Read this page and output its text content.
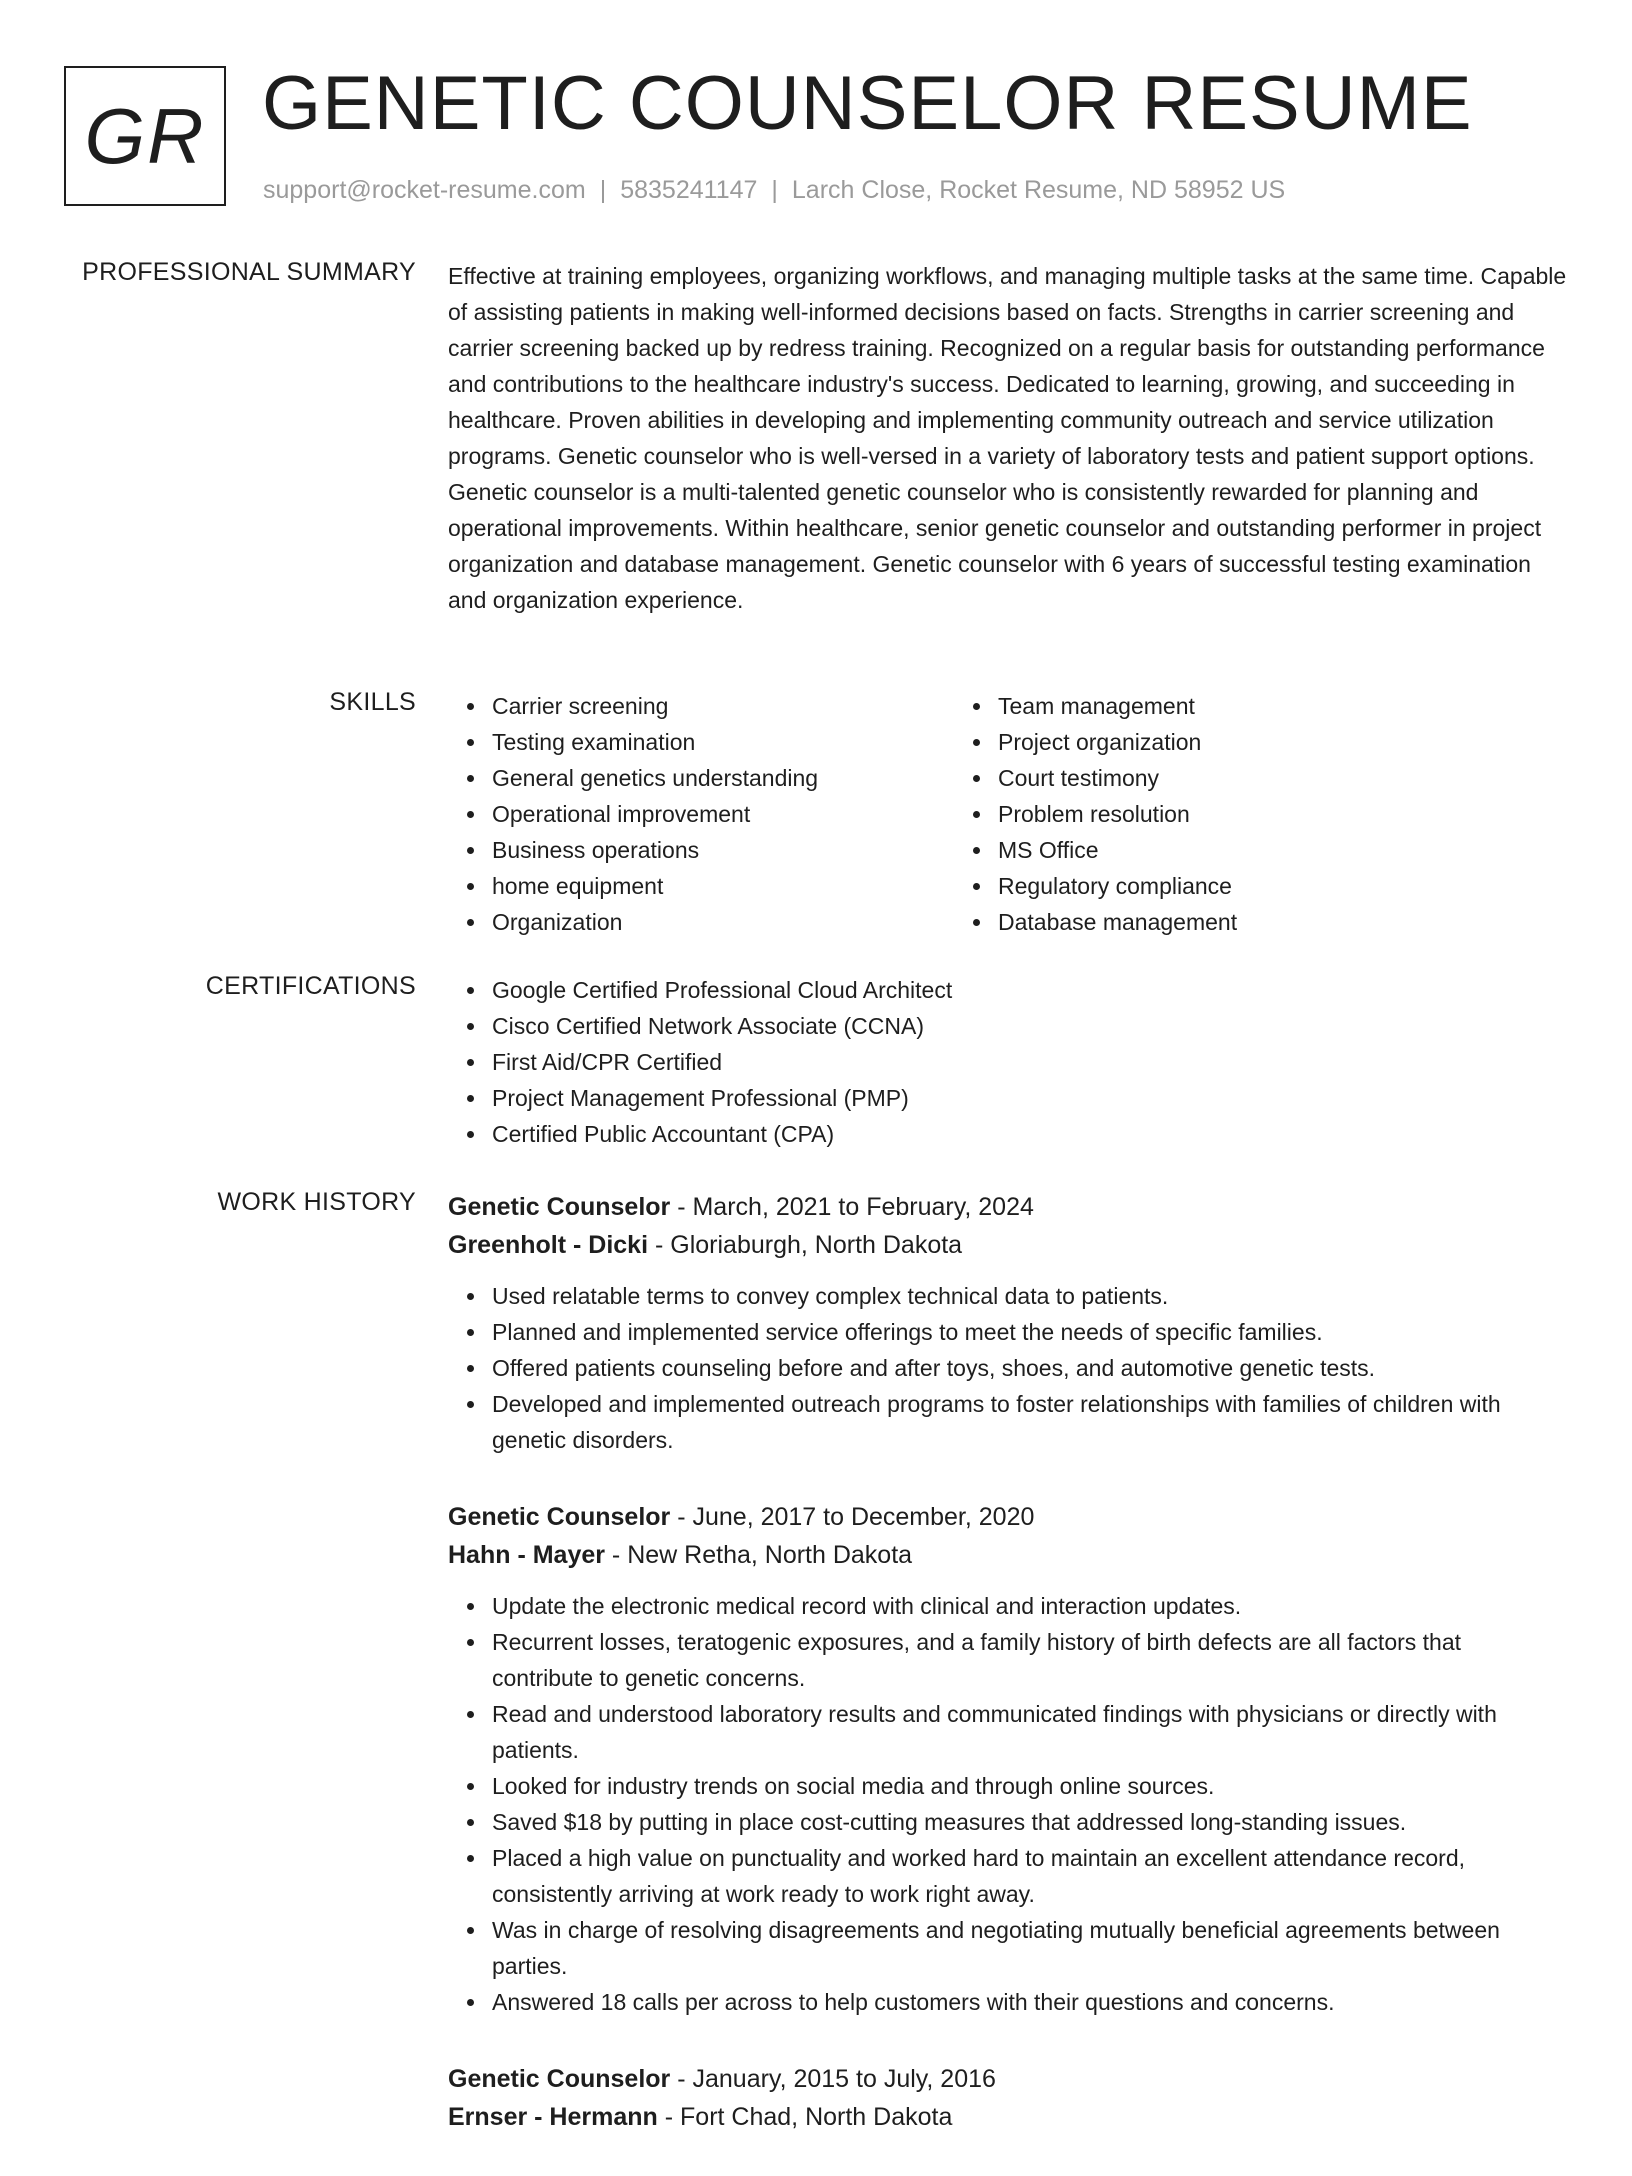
GR GENETIC COUNSELOR RESUME
support@rocket-resume.com | 5835241147 | Larch Close, Rocket Resume, ND 58952 US
PROFESSIONAL SUMMARY Effective at training employees, organizing workflows, and managing multiple tasks at the same time. Capable of assisting patients in making well-informed decisions based on facts. Strengths in carrier screening and carrier screening backed up by redress training. Recognized on a regular basis for outstanding performance and contributions to the healthcare industry's success. Dedicated to learning, growing, and succeeding in healthcare. Proven abilities in developing and implementing community outreach and service utilization programs. Genetic counselor who is well-versed in a variety of laboratory tests and patient support options. Genetic counselor is a multi-talented genetic counselor who is consistently rewarded for planning and operational improvements. Within healthcare, senior genetic counselor and outstanding performer in project organization and database management. Genetic counselor with 6 years of successful testing examination and organization experience.
SKILLS	Carrier screening
Testing examination
General genetics understanding
Operational improvement
Business operations
home equipment
Organization
Team management
Project organization
Court testimony
Problem resolution
MS Office
Regulatory compliance
Database management
CERTIFICATIONS	Google Certified Professional Cloud Architect
Cisco Certified Network Associate (CCNA)
First Aid/CPR Certified
Project Management Professional (PMP)
Certified Public Accountant (CPA)
WORK HISTORY Genetic Counselor - March, 2021 to February, 2024
Greenholt - Dicki - Gloriaburgh, North Dakota
Used relatable terms to convey complex technical data to patients.
Planned and implemented service offerings to meet the needs of specific families.
Offered patients counseling before and after toys, shoes, and automotive genetic tests.
Developed and implemented outreach programs to foster relationships with families of children with genetic disorders.
Genetic Counselor - June, 2017 to December, 2020
Hahn - Mayer - New Retha, North Dakota
Update the electronic medical record with clinical and interaction updates.
Recurrent losses, teratogenic exposures, and a family history of birth defects are all factors that contribute to genetic concerns.
Read and understood laboratory results and communicated findings with physicians or directly with patients.
Looked for industry trends on social media and through online sources.
Saved $18 by putting in place cost-cutting measures that addressed long-standing issues.
Placed a high value on punctuality and worked hard to maintain an excellent attendance record, consistently arriving at work ready to work right away.
Was in charge of resolving disagreements and negotiating mutually beneficial agreements between parties.
Answered 18 calls per across to help customers with their questions and concerns.
Genetic Counselor - January, 2015 to July, 2016
Ernser - Hermann - Fort Chad, North Dakota
